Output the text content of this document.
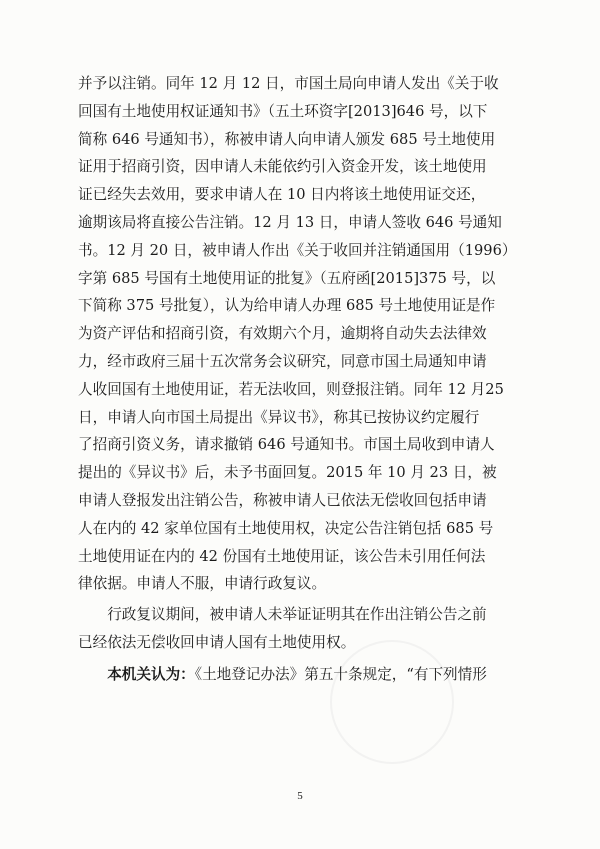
并予以注销。同年 12 月 12 日，市国土局向申请人发出《关于收
回国有土地使用权证通知书》（五土环资字[2013]646 号，以下
简称 646 号通知书），称被申请人向申请人颁发 685 号土地使用
证用于招商引资，因申请人未能依约引入资金开发，该土地使用
证已经失去效用，要求申请人在 10 日内将该土地使用证交还，
逾期该局将直接公告注销。12 月 13 日，申请人签收 646 号通知
书。12 月 20 日，被申请人作出《关于收回并注销通国用（1996）
字第 685 号国有土地使用证的批复》（五府函[2015]375 号，以
下简称 375 号批复），认为给申请人办理 685 号土地使用证是作
为资产评估和招商引资，有效期六个月，逾期将自动失去法律效
力，经市政府三届十五次常务会议研究，同意市国土局通知申请
人收回国有土地使用证，若无法收回，则登报注销。同年 12 月25
日，申请人向市国土局提出《异议书》，称其已按协议约定履行
了招商引资义务，请求撤销 646 号通知书。市国土局收到申请人
提出的《异议书》后，未予书面回复。2015 年 10 月 23 日，被
申请人登报发出注销公告，称被申请人已依法无偿收回包括申请
人在内的 42 家单位国有土地使用权，决定公告注销包括 685 号
土地使用证在内的 42 份国有土地使用证，该公告未引用任何法
律依据。申请人不服，申请行政复议。
　　行政复议期间，被申请人未举证证明其在作出注销公告之前
已经依法无偿收回申请人国有土地使用权。
　　本机关认为：《土地登记办法》第五十条规定，“有下列情形
5
